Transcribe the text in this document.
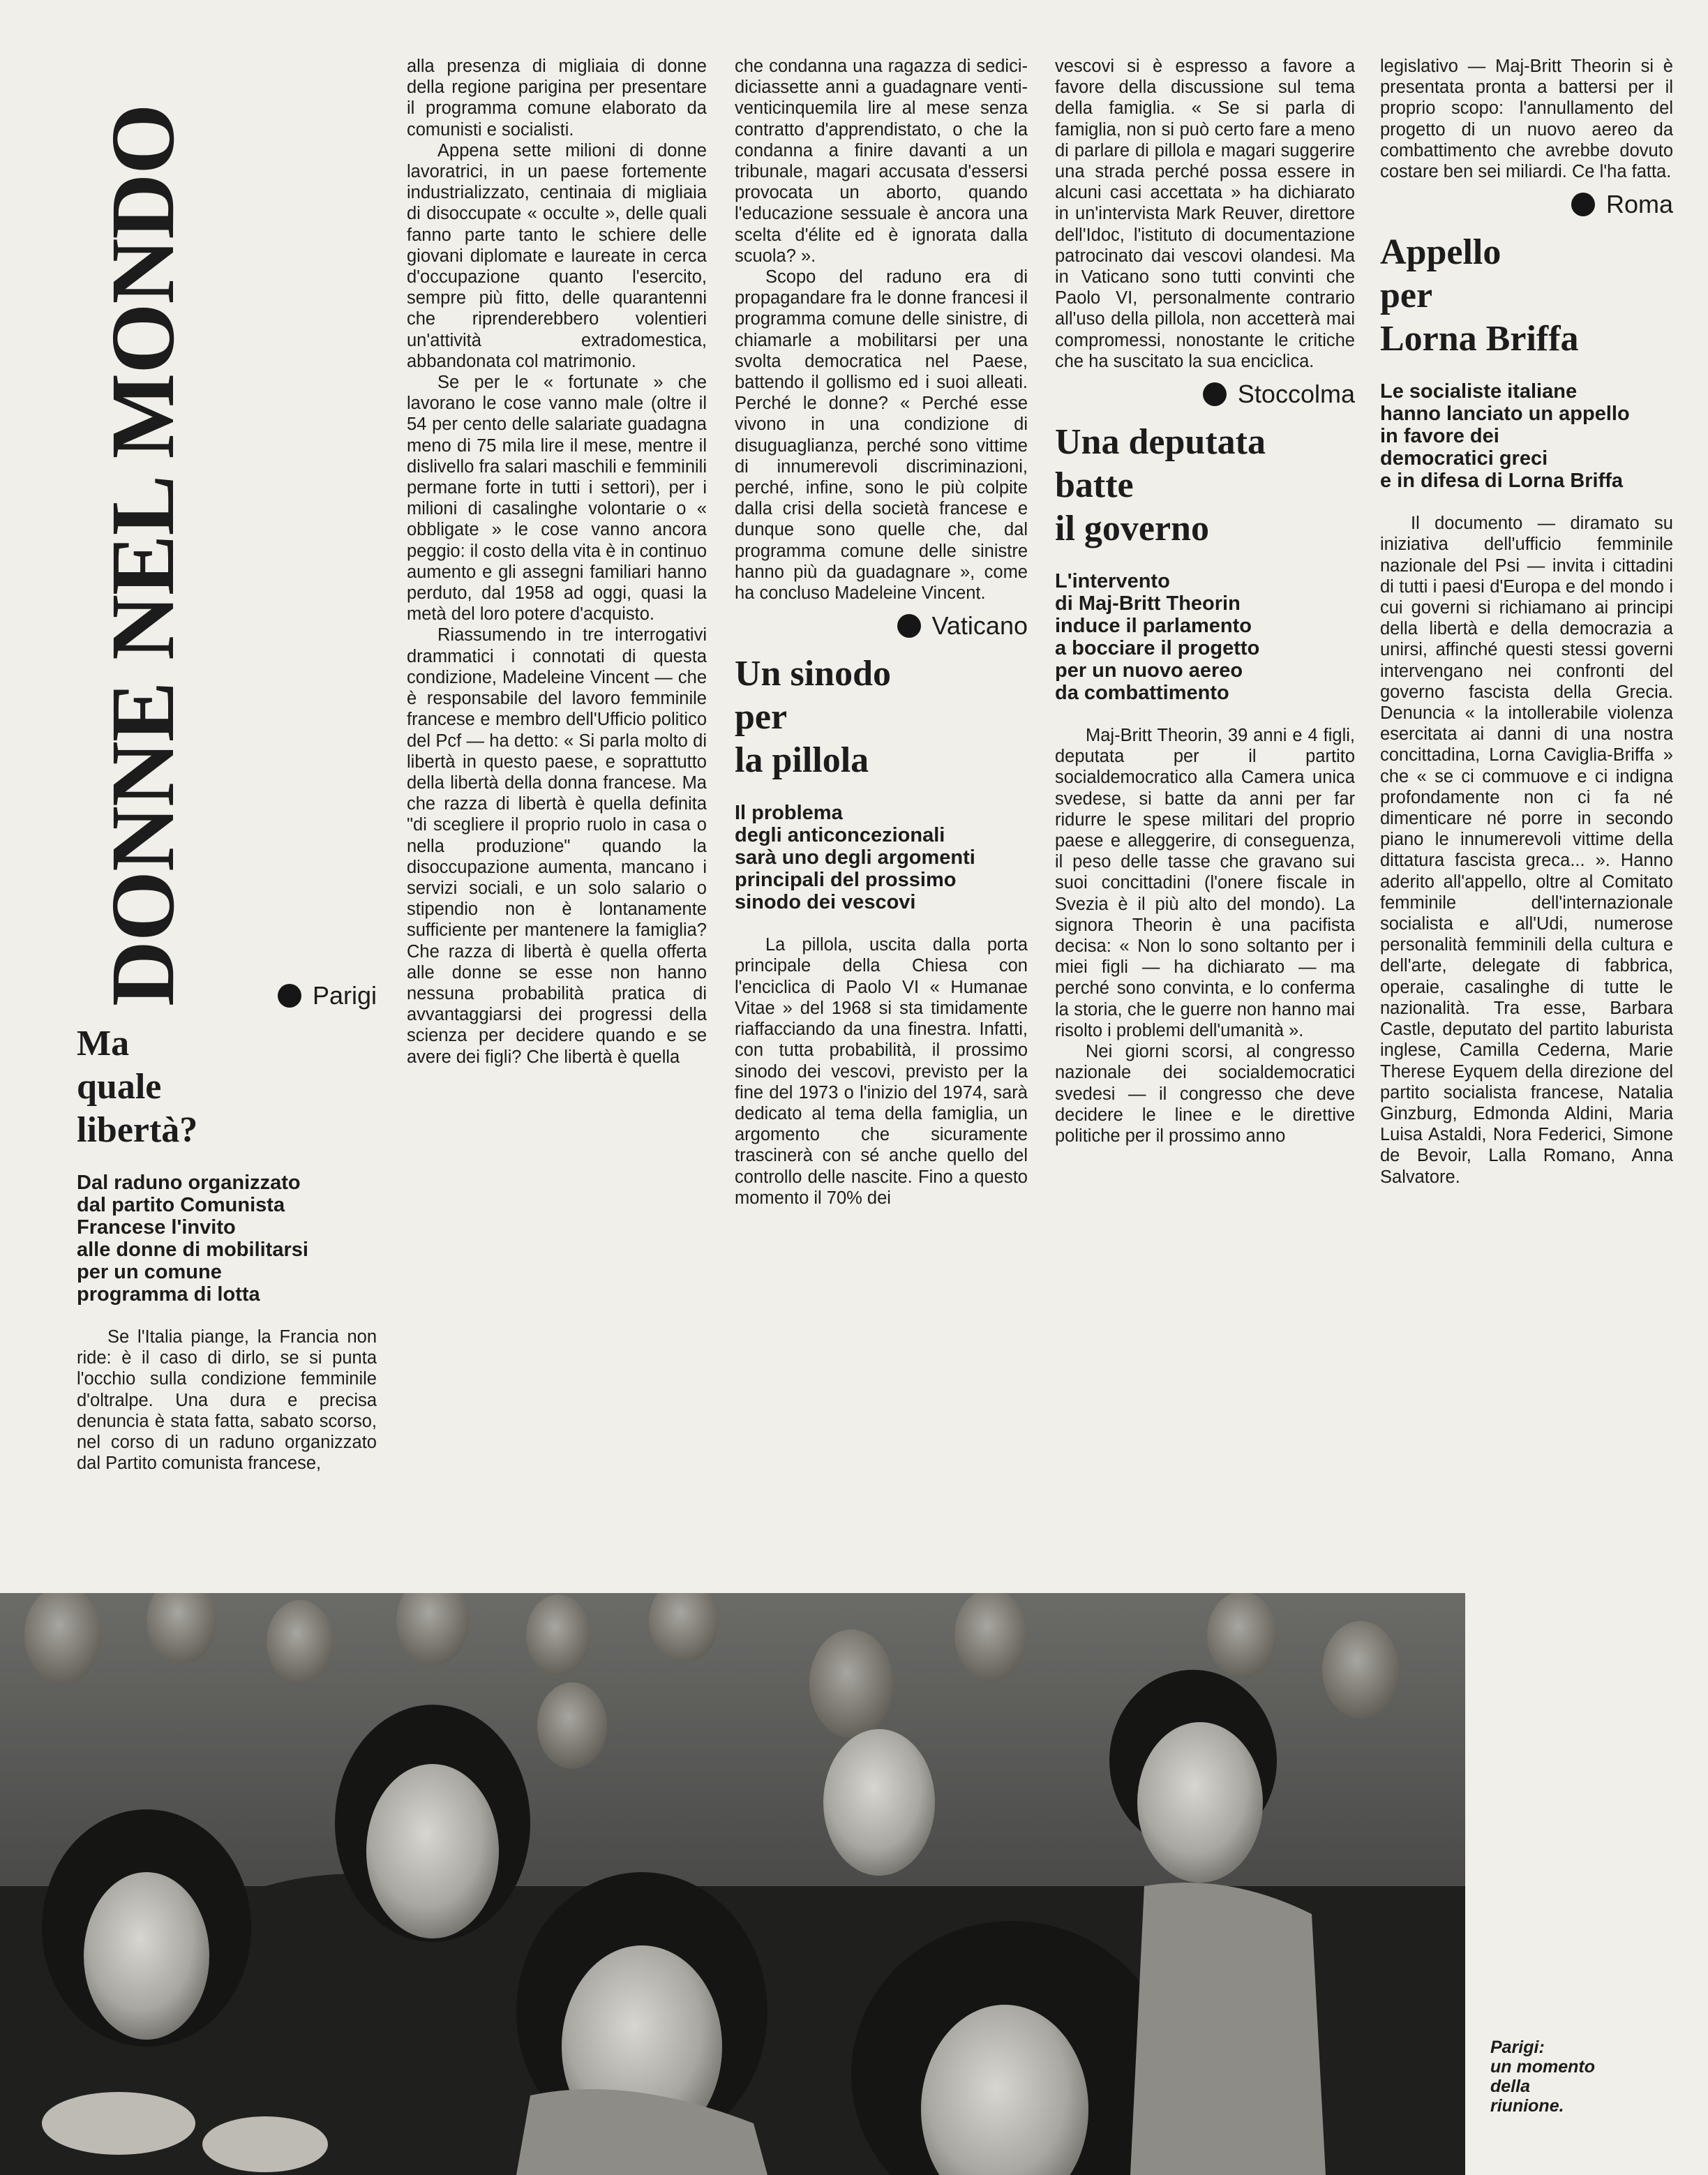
DONNE NEL MONDO	Parigi
Ma
quale
libertà?
Dal raduno organizzato
dal partito Comunista
Francese l'invito
alle donne di mobilitarsi
per un comune
programma di lotta

Se l'Italia piange, la Francia non ride: è il caso di dirlo, se si punta l'occhio sulla condizione femminile d'oltralpe. Una dura e precisa denuncia è stata fatta, sabato scorso, nel corso di un raduno organizzato dal Partito comunista francese,

alla presenza di migliaia di donne della regione parigina per presentare il programma comune elaborato da comunisti e socialisti.

Appena sette milioni di donne lavoratrici, in un paese fortemente industrializzato, centinaia di migliaia di disoccupate « occulte », delle quali fanno parte tanto le schiere delle giovani diplomate e laureate in cerca d'occupazione quanto l'esercito, sempre più fitto, delle quarantenni che riprenderebbero volentieri un'attività extradomestica, abbandonata col matrimonio.

Se per le « fortunate » che lavorano le cose vanno male (oltre il 54 per cento delle salariate guadagna meno di 75 mila lire il mese, mentre il dislivello fra salari maschili e femminili permane forte in tutti i settori), per i milioni di casalinghe volontarie o « obbligate » le cose vanno ancora peggio: il costo della vita è in continuo aumento e gli assegni familiari hanno perduto, dal 1958 ad oggi, quasi la metà del loro potere d'acquisto.

Riassumendo in tre interrogativi drammatici i connotati di questa condizione, Madeleine Vincent — che è responsabile del lavoro femminile francese e membro dell'Ufficio politico del Pcf — ha detto: « Si parla molto di libertà in questo paese, e soprattutto della libertà della donna francese. Ma che razza di libertà è quella definita "di scegliere il proprio ruolo in casa o nella produzione" quando la disoccupazione aumenta, mancano i servizi sociali, e un solo salario o stipendio non è lontanamente sufficiente per mantenere la famiglia? Che razza di libertà è quella offerta alle donne se esse non hanno nessuna probabilità pratica di avvantaggiarsi dei progressi della scienza per decidere quando e se avere dei figli? Che libertà è quella

che condanna una ragazza di sedici-diciassette anni a guadagnare venti-venticinquemila lire al mese senza contratto d'apprendistato, o che la condanna a finire davanti a un tribunale, magari accusata d'essersi provocata un aborto, quando l'educazione sessuale è ancora una scelta d'élite ed è ignorata dalla scuola? ».

Scopo del raduno era di propagandare fra le donne francesi il programma comune delle sinistre, di chiamarle a mobilitarsi per una svolta democratica nel Paese, battendo il gollismo ed i suoi alleati. Perché le donne? « Perché esse vivono in una condizione di disuguaglianza, perché sono vittime di innumerevoli discriminazioni, perché, infine, sono le più colpite dalla crisi della società francese e dunque sono quelle che, dal programma comune delle sinistre hanno più da guadagnare », come ha concluso Madeleine Vincent.

Vaticano
Un sinodo
per
la pillola
Il problema
degli anticoncezionali
sarà uno degli argomenti
principali del prossimo
sinodo dei vescovi

La pillola, uscita dalla porta principale della Chiesa con l'enciclica di Paolo VI « Humanae Vitae » del 1968 si sta timidamente riaffacciando da una finestra. Infatti, con tutta probabilità, il prossimo sinodo dei vescovi, previsto per la fine del 1973 o l'inizio del 1974, sarà dedicato al tema della famiglia, un argomento che sicuramente trascinerà con sé anche quello del controllo delle nascite. Fino a questo momento il 70% dei

vescovi si è espresso a favore a favore della discussione sul tema della famiglia. « Se si parla di famiglia, non si può certo fare a meno di parlare di pillola e magari suggerire una strada perché possa essere in alcuni casi accettata » ha dichiarato in un'intervista Mark Reuver, direttore dell'Idoc, l'istituto di documentazione patrocinato dai vescovi olandesi. Ma in Vaticano sono tutti convinti che Paolo VI, personalmente contrario all'uso della pillola, non accetterà mai compromessi, nonostante le critiche che ha suscitato la sua enciclica.

Stoccolma
Una deputata
batte
il governo
L'intervento
di Maj-Britt Theorin
induce il parlamento
a bocciare il progetto
per un nuovo aereo
da combattimento

Maj-Britt Theorin, 39 anni e 4 figli, deputata per il partito socialdemocratico alla Camera unica svedese, si batte da anni per far ridurre le spese militari del proprio paese e alleggerire, di conseguenza, il peso delle tasse che gravano sui suoi concittadini (l'onere fiscale in Svezia è il più alto del mondo). La signora Theorin è una pacifista decisa: « Non lo sono soltanto per i miei figli — ha dichiarato — ma perché sono convinta, e lo conferma la storia, che le guerre non hanno mai risolto i problemi dell'umanità ».

Nei giorni scorsi, al congresso nazionale dei socialdemocratici svedesi — il congresso che deve decidere le linee e le direttive politiche per il prossimo anno

legislativo — Maj-Britt Theorin si è presentata pronta a battersi per il proprio scopo: l'annullamento del progetto di un nuovo aereo da combattimento che avrebbe dovuto costare ben sei miliardi. Ce l'ha fatta.

Roma
Appello
per
Lorna Briffa
Le socialiste italiane
hanno lanciato un appello
in favore dei
democratici greci
e in difesa di Lorna Briffa

Il documento — diramato su iniziativa dell'ufficio femminile nazionale del Psi — invita i cittadini di tutti i paesi d'Europa e del mondo i cui governi si richiamano ai principi della libertà e della democrazia a unirsi, affinché questi stessi governi intervengano nei confronti del governo fascista della Grecia. Denuncia « la intollerabile violenza esercitata ai danni di una nostra concittadina, Lorna Caviglia-Briffa » che « se ci commuove e ci indigna profondamente non ci fa né dimenticare né porre in secondo piano le innumerevoli vittime della dittatura fascista greca... ». Hanno aderito all'appello, oltre al Comitato femminile dell'internazionale socialista e all'Udi, numerose personalità femminili della cultura e dell'arte, delegate di fabbrica, operaie, casalinghe di tutte le nazionalità. Tra esse, Barbara Castle, deputato del partito laburista inglese, Camilla Cederna, Marie Therese Eyquem della direzione del partito socialista francese, Natalia Ginzburg, Edmonda Aldini, Maria Luisa Astaldi, Nora Federici, Simone de Bevoir, Lalla Romano, Anna Salvatore.

Parigi:
un momento
della
riunione.
